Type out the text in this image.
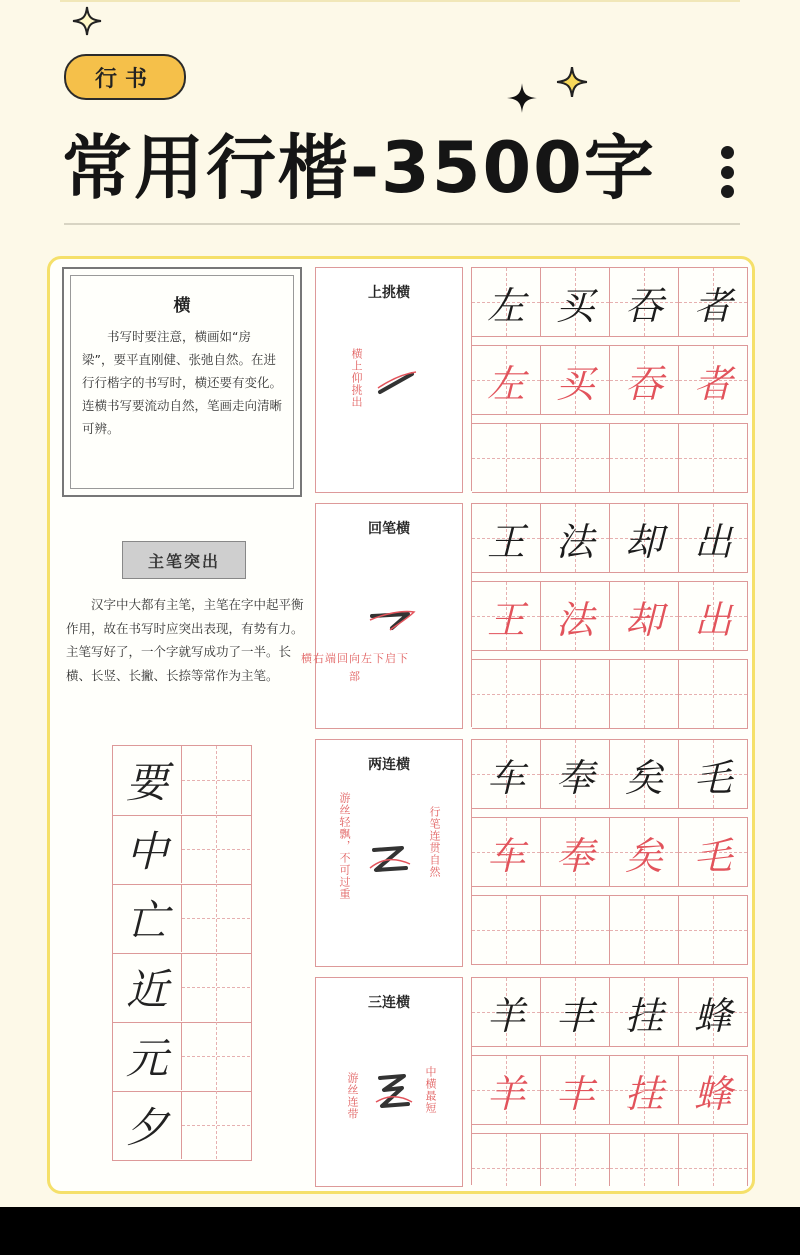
行书
常用行楷-3500字
横
书写时要注意，横画如“房梁”，要平直刚健、张弛自然。在进行行楷字的书写时，横还要有变化。连横书写要流动自然，笔画走向清晰可辨。
主笔突出
汉字中大都有主笔，主笔在字中起平衡作用，故在书写时应突出表现，有势有力。主笔写好了，一个字就写成功了一半。长横、长竖、长撇、长捺等常作为主笔。
要
中
亡
近
元
夕
上挑横
横上仰挑出
回笔横
横右端回向左下启下部
两连横
游丝轻飘，不可过重	行笔连贯自然
三连横
游丝连带	中横最短
左 买 吞 者
左 买 吞 者
王 法 却 出
王 法 却 出
车 奉 矣 毛
车 奉 矣 毛
羊 丰 挂 蜂
羊 丰 挂 蜂
